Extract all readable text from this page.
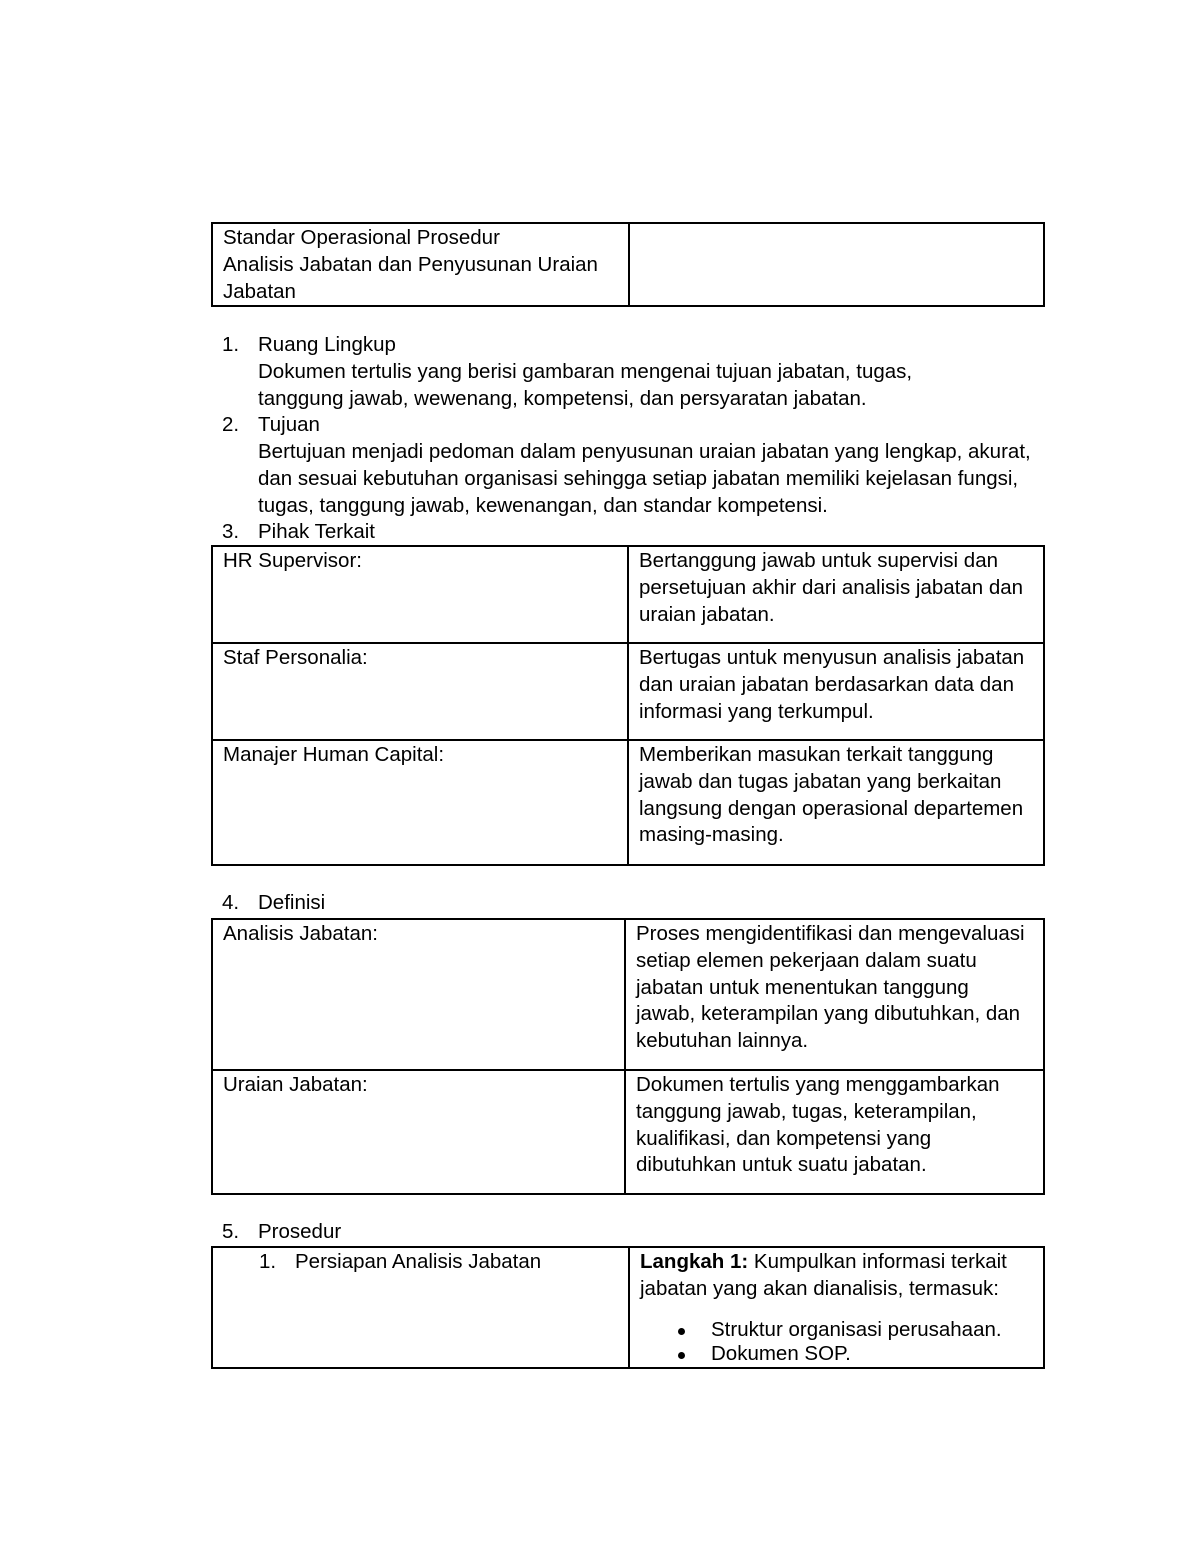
Standar Operasional Prosedur
Analisis Jabatan dan Penyusunan Uraian Jabatan

1. Ruang Lingkup
Dokumen tertulis yang berisi gambaran mengenai tujuan jabatan, tugas, tanggung jawab, wewenang, kompetensi, dan persyaratan jabatan.
2. Tujuan
Bertujuan menjadi pedoman dalam penyusunan uraian jabatan yang lengkap, akurat, dan sesuai kebutuhan organisasi sehingga setiap jabatan memiliki kejelasan fungsi, tugas, tanggung jawab, kewenangan, dan standar kompetensi.
3. Pihak Terkait
HR Supervisor:	Bertanggung jawab untuk supervisi dan persetujuan akhir dari analisis jabatan dan uraian jabatan.
Staf Personalia:	Bertugas untuk menyusun analisis jabatan dan uraian jabatan berdasarkan data dan informasi yang terkumpul.
Manajer Human Capital:	Memberikan masukan terkait tanggung jawab dan tugas jabatan yang berkaitan langsung dengan operasional departemen masing-masing.
4. Definisi
Analisis Jabatan:	Proses mengidentifikasi dan mengevaluasi setiap elemen pekerjaan dalam suatu jabatan untuk menentukan tanggung jawab, keterampilan yang dibutuhkan, dan kebutuhan lainnya.
Uraian Jabatan:	Dokumen tertulis yang menggambarkan tanggung jawab, tugas, keterampilan, kualifikasi, dan kompetensi yang dibutuhkan untuk suatu jabatan.
5. Prosedur
1. Persiapan Analisis Jabatan	Langkah 1: Kumpulkan informasi terkait jabatan yang akan dianalisis, termasuk:
Struktur organisasi perusahaan.
Dokumen SOP.
